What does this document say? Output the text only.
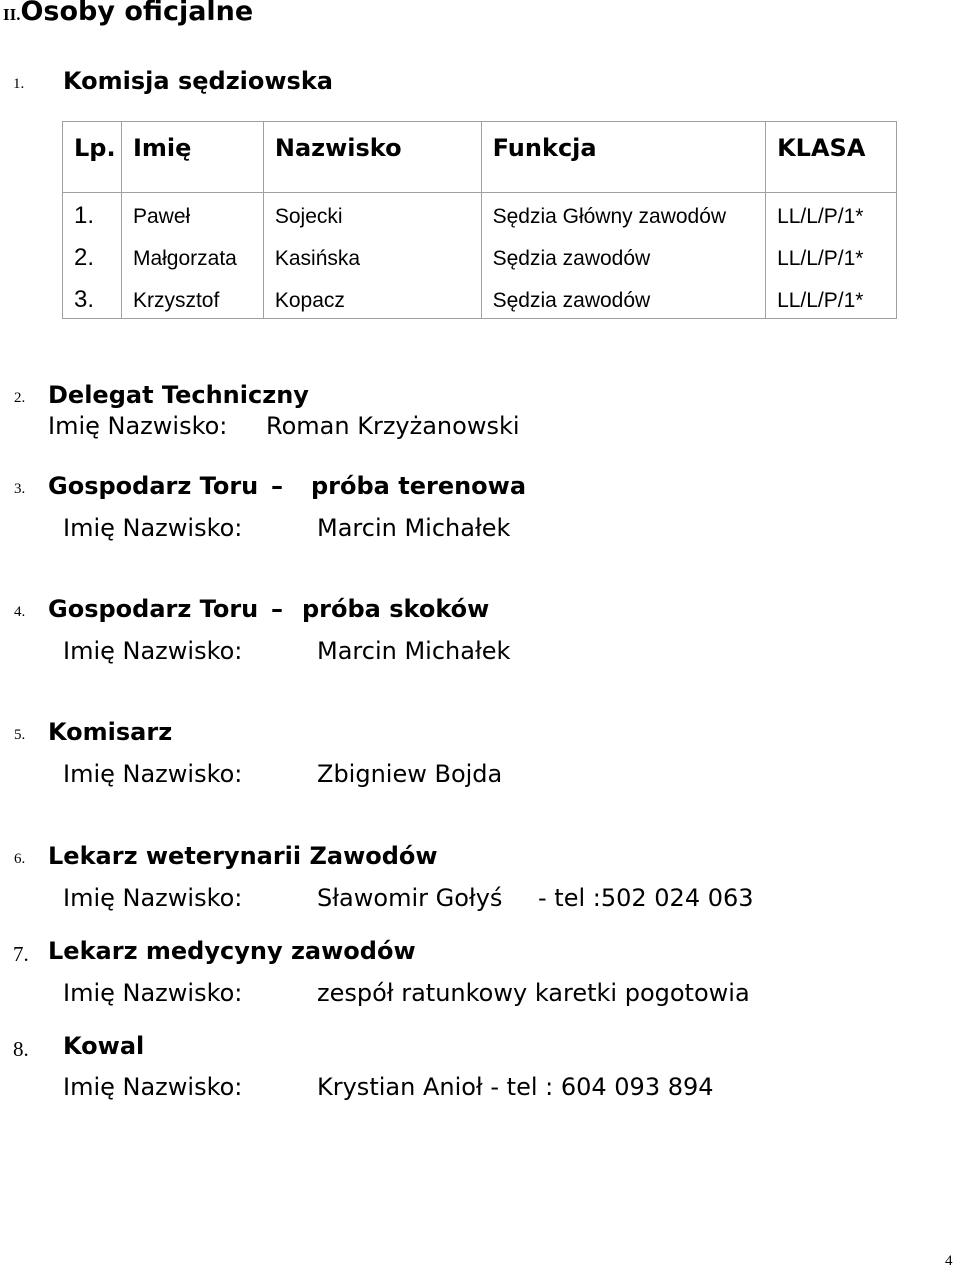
II.Osoby oficjalne
1. Komisja sędziowska
Lp.	Imię	Nazwisko	Funkcja	KLASA
1.	Paweł	Sojecki	Sędzia Główny zawodów	LL/L/P/1*
2.	Małgorzata	Kasińska	Sędzia zawodów	LL/L/P/1*
3.	Krzysztof	Kopacz	Sędzia zawodów	LL/L/P/1*
2. Delegat Techniczny
Imię Nazwisko: Roman Krzyżanowski
3. Gospodarz Toru – próba terenowa
Imię Nazwisko:	Marcin Michałek
4. Gospodarz Toru – próba skoków
Imię Nazwisko:	Marcin Michałek
5. Komisarz
Imię Nazwisko:	Zbigniew Bojda
6. Lekarz weterynarii Zawodów
Imię Nazwisko:	Sławomir Gołyś - tel :502 024 063
7. Lekarz medycyny zawodów
Imię Nazwisko:	zespół ratunkowy karetki pogotowia
8. Kowal
Imię Nazwisko:	Krystian Anioł - tel : 604 093 894
4
